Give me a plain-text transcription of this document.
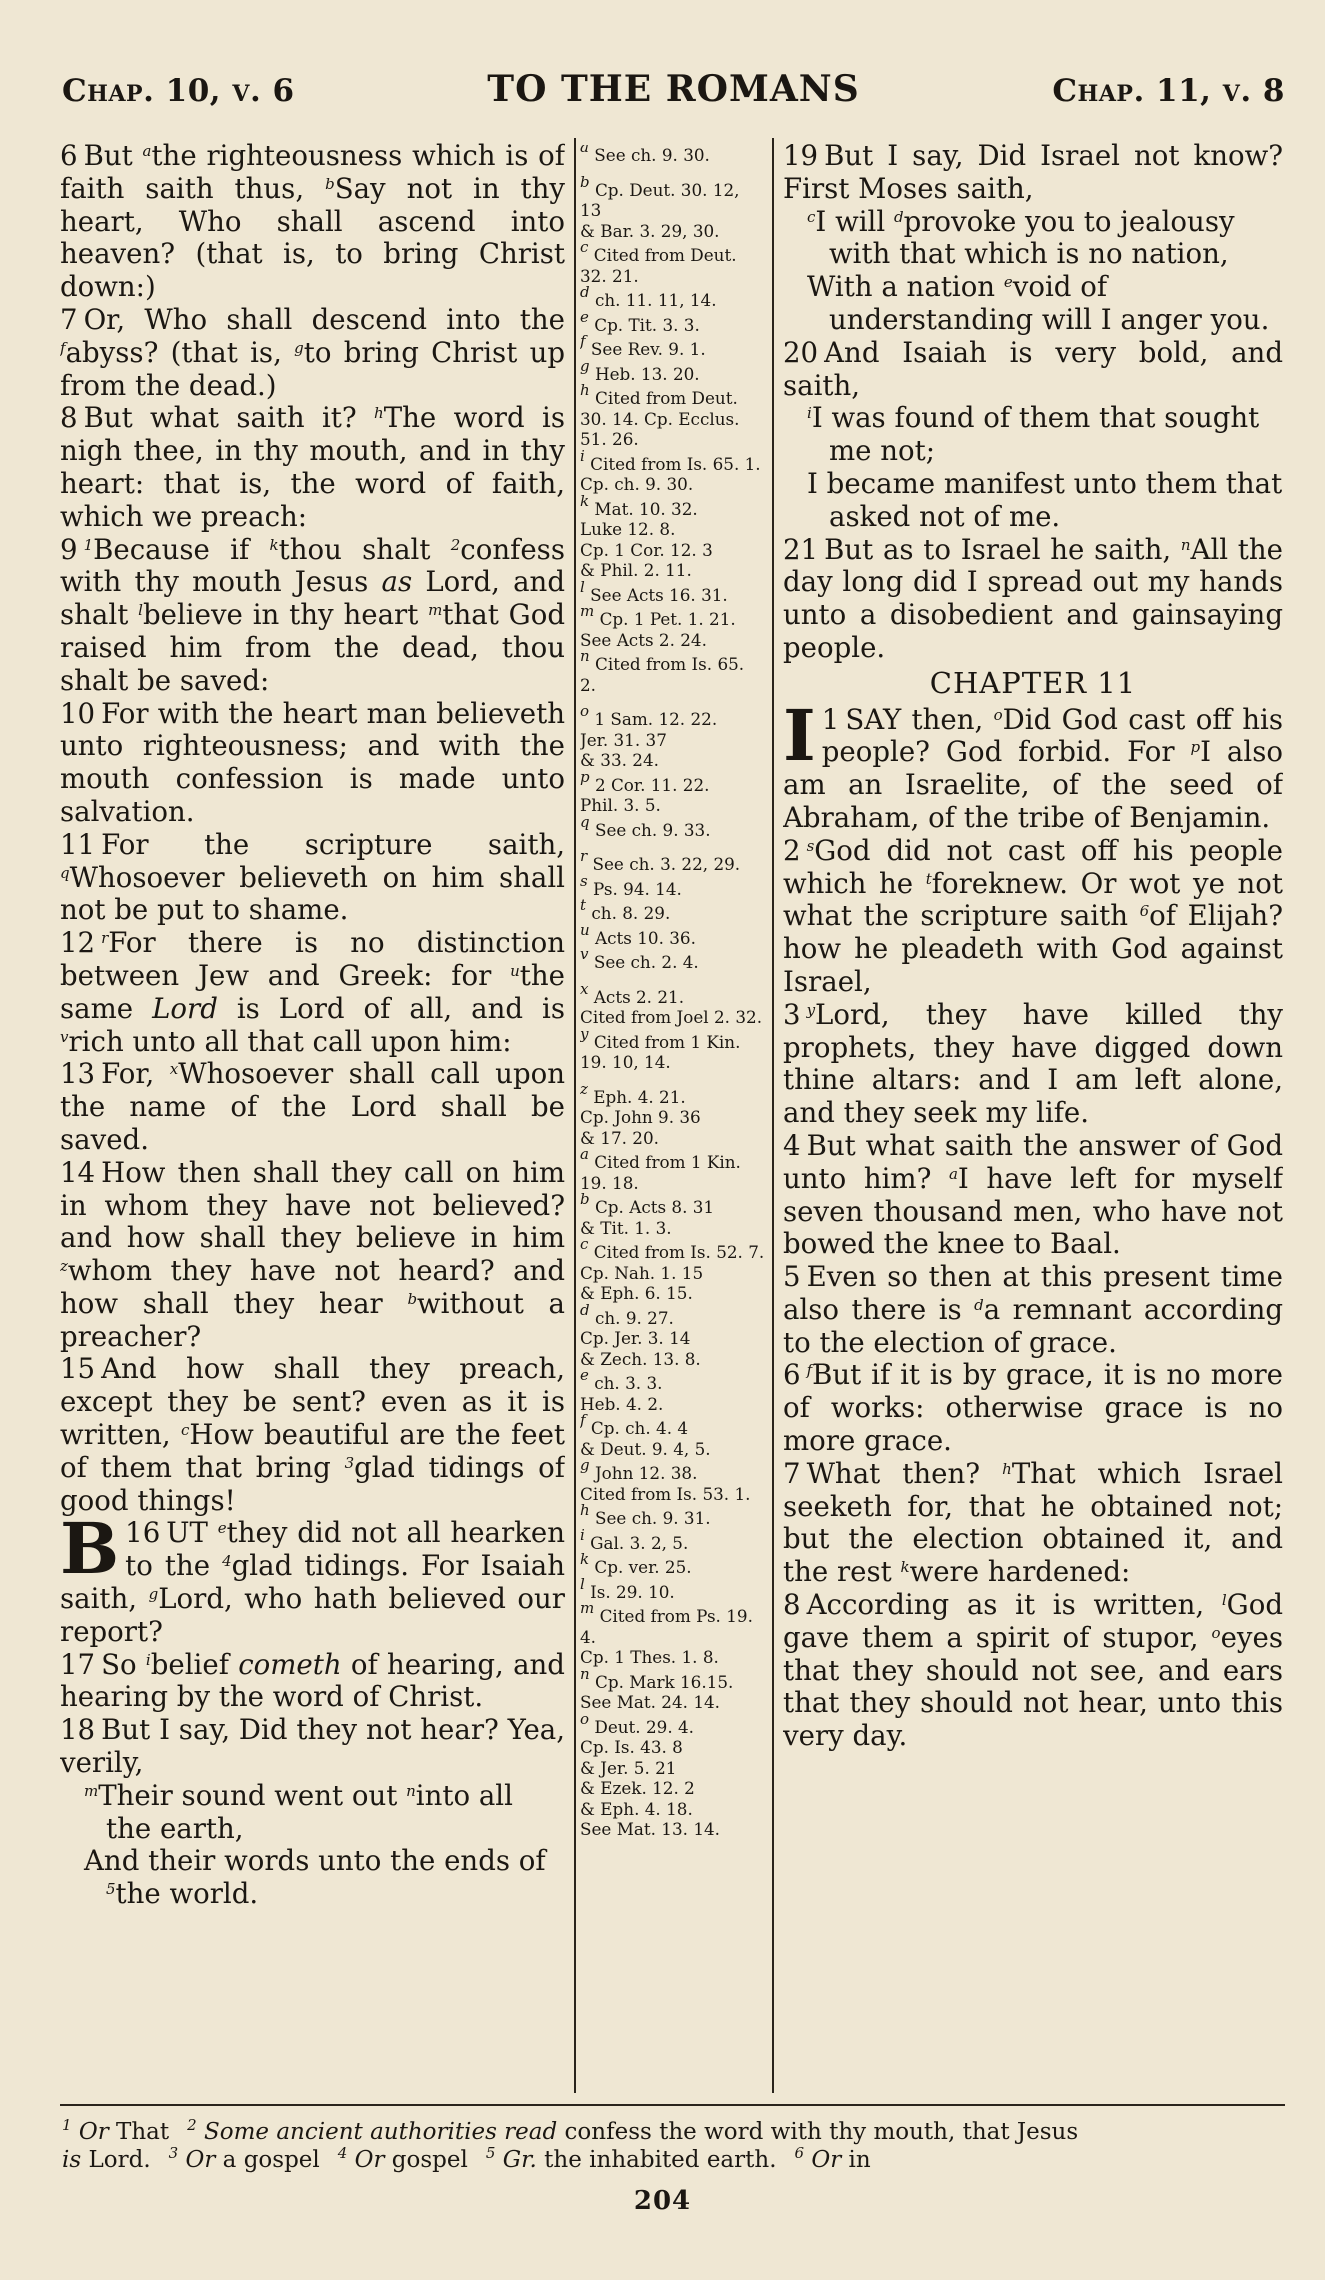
Chap. 10, v. 6	TO THE ROMANS	Chap. 11, v. 8

6 But $^a$the righteousness which is of faith saith thus, $^b$Say not in thy heart, Who shall ascend into heaven? (that is, to bring Christ down:)

7 Or, Who shall descend into the $^f$abyss? (that is, $^g$to bring Christ up from the dead.)

8 But what saith it? $^h$The word is nigh thee, in thy mouth, and in thy heart: that is, the word of faith, which we preach:

9 $^1$Because if $^k$thou shalt $^2$confess with thy mouth Jesus as Lord, and shalt $^l$believe in thy heart $^m$that God raised him from the dead, thou shalt be saved:

10 For with the heart man believeth unto righteousness; and with the mouth confession is made unto salvation.

11 For the scripture saith, $^q$Whosoever believeth on him shall not be put to shame.

12 $^r$For there is no distinction between Jew and Greek: for $^u$the same Lord is Lord of all, and is $^v$rich unto all that call upon him:

13 For, $^x$Whosoever shall call upon the name of the Lord shall be saved.

14 How then shall they call on him in whom they have not believed? and how shall they believe in him $^z$whom they have not heard? and how shall they hear $^b$without a preacher?

15 And how shall they preach, except they be sent? even as it is written, $^c$How beautiful are the feet of them that bring $^3$glad tidings of good things!

16
B UT $^e$they did not all hearken to the $^4$glad tidings. For Isaiah saith, $^g$Lord, who hath believed our report?

17 So $^i$belief cometh of hearing, and hearing by the word of Christ.

18 But I say, Did they not hear? Yea, verily,

$^m$Their sound went out $^n$into all the earth,

And their words unto the ends of $^5$the world.

$^a$ See ch. 9. 30.
$^b$ Cp. Deut. 30. 12, 13
& Bar. 3. 29, 30.
$^c$ Cited from Deut. 32. 21.
$^d$ ch. 11. 11, 14.
$^e$ Cp. Tit. 3. 3.
$^f$ See Rev. 9. 1.
$^g$ Heb. 13. 20.
$^h$ Cited from Deut. 30. 14. Cp. Ecclus. 51. 26.
$^i$ Cited from Is. 65. 1.
Cp. ch. 9. 30.
$^k$ Mat. 10. 32.
Luke 12. 8.
Cp. 1 Cor. 12. 3
& Phil. 2. 11.
$^l$ See Acts 16. 31.
$^m$ Cp. 1 Pet. 1. 21.
See Acts 2. 24.
$^n$ Cited from Is. 65. 2.
$^o$ 1 Sam. 12. 22.
Jer. 31. 37
& 33. 24.
$^p$ 2 Cor. 11. 22.
Phil. 3. 5.
$^q$ See ch. 9. 33.
$^r$ See ch. 3. 22, 29.
$^s$ Ps. 94. 14.
$^t$ ch. 8. 29.
$^u$ Acts 10. 36.
$^v$ See ch. 2. 4.
$^x$ Acts 2. 21.
Cited from Joel 2. 32.
$^y$ Cited from 1 Kin. 19. 10, 14.
$^z$ Eph. 4. 21.
Cp. John 9. 36
& 17. 20.
$^a$ Cited from 1 Kin. 19. 18.
$^b$ Cp. Acts 8. 31
& Tit. 1. 3.
$^c$ Cited from Is. 52. 7.
Cp. Nah. 1. 15
& Eph. 6. 15.
$^d$ ch. 9. 27.
Cp. Jer. 3. 14
& Zech. 13. 8.
$^e$ ch. 3. 3.
Heb. 4. 2.
$^f$ Cp. ch. 4. 4
& Deut. 9. 4, 5.
$^g$ John 12. 38.
Cited from Is. 53. 1.
$^h$ See ch. 9. 31.
$^i$ Gal. 3. 2, 5.
$^k$ Cp. ver. 25.
$^l$ Is. 29. 10.
$^m$ Cited from Ps. 19. 4.
Cp. 1 Thes. 1. 8.
$^n$ Cp. Mark 16.15.
See Mat. 24. 14.
$^o$ Deut. 29. 4.
Cp. Is. 43. 8
& Jer. 5. 21
& Ezek. 12. 2
& Eph. 4. 18.
See Mat. 13. 14.

19 But I say, Did Israel not know? First Moses saith,

$^c$I will $^d$provoke you to jealousy with that which is no nation,

With a nation $^e$void of understanding will I anger you.

20 And Isaiah is very bold, and saith,

$^i$I was found of them that sought me not;

I became manifest unto them that asked not of me.

21 But as to Israel he saith, $^n$All the day long did I spread out my hands unto a disobedient and gainsaying people.

CHAPTER 11

1
I SAY then, $^o$Did God cast off his people? God forbid. For $^p$I also am an Israelite, of the seed of Abraham, of the tribe of Benjamin.

2 $^s$God did not cast off his people which he $^t$foreknew. Or wot ye not what the scripture saith $^6$of Elijah? how he pleadeth with God against Israel,

3 $^y$Lord, they have killed thy prophets, they have digged down thine altars: and I am left alone, and they seek my life.

4 But what saith the answer of God unto him? $^a$I have left for myself seven thousand men, who have not bowed the knee to Baal.

5 Even so then at this present time also there is $^d$a remnant according to the election of grace.

6 $^f$But if it is by grace, it is no more of works: otherwise grace is no more grace.

7 What then? $^h$That which Israel seeketh for, that he obtained not; but the election obtained it, and the rest $^k$were hardened:

8 According as it is written, $^l$God gave them a spirit of stupor, $^o$eyes that they should not see, and ears that they should not hear, unto this very day.

$^1$ Or That $^2$ Some ancient authorities read confess the word with thy mouth, that Jesus
is Lord. $^3$ Or a gospel $^4$ Or gospel $^5$ Gr. the inhabited earth. $^6$ Or in
204
